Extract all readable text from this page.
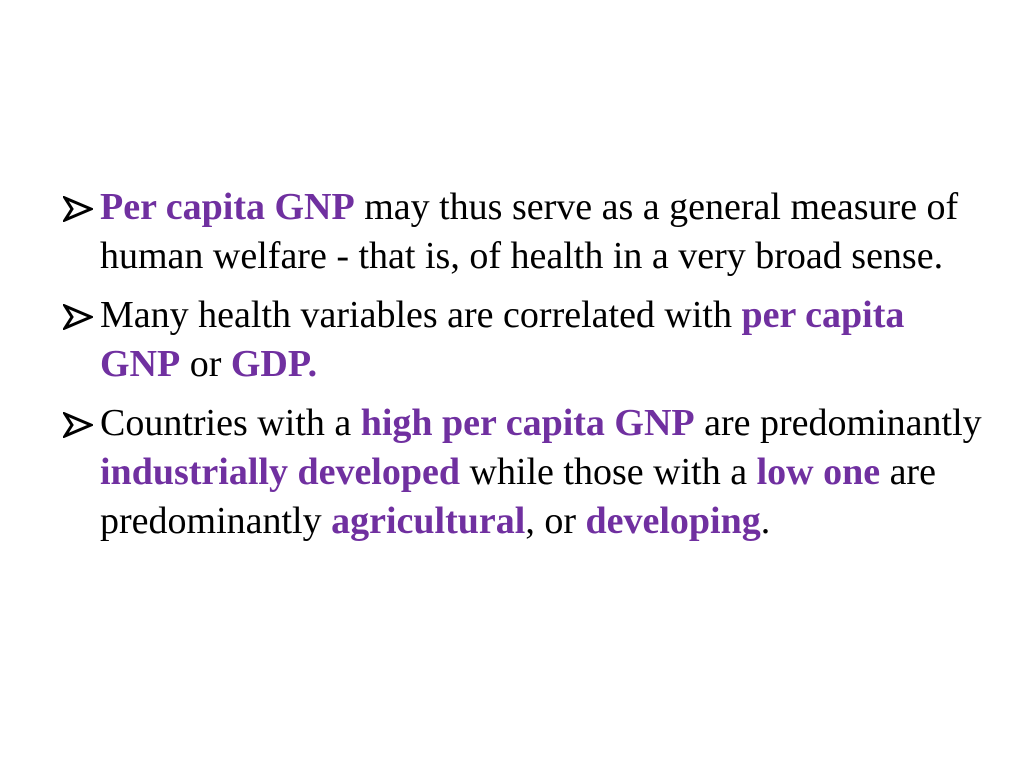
Per capita GNP may thus serve as a general measure of human welfare - that is, of health in a very broad sense.
Many health variables are correlated with per capita GNP or GDP.
Countries with a high per capita GNP are predominantly industrially developed while those with a low one are predominantly agricultural, or developing.
